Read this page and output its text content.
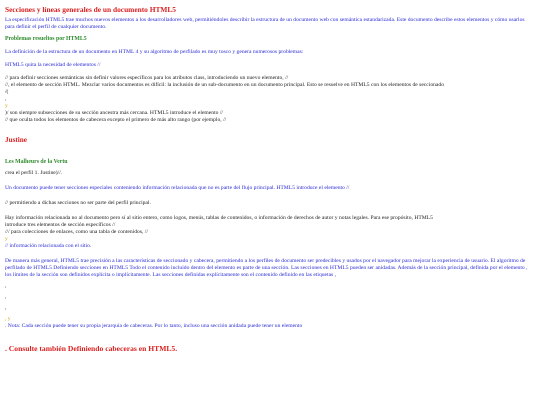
Secciones y líneas generales de un documento HTML5

La especificación HTML5 trae muchos nuevos elementos a los desarrolladores web, permitiéndoles describir la estructura de un documento web con semántica estandarizada. Este documento describe estos elementos y cómo usarlos para definir el perfil de cualquier documento.

Problemas resueltos por HTML5

La definición de la estructura de un documento en HTML 4 y su algoritmo de perfilado es muy tosco y genera numerosos problemas:

HTML5 quita la necesidad de elementos //

// para definir secciones semánticas sin definir valores específicos para los atributos class, introduciendo un nuevo elemento, //

//, el elemento de sección HTML. Mezclar varios documentos es difícil: la inclusión de un sub-documento en un documento principal. Esto se resuelve en HTML5 con los elementos de seccionado

/(

,

y

)/ son siempre subsecciones de su sección ancestra más cercana. HTML5 introduce el elemento //

// que oculta todos los elementos de cabecera excepto el primero de más alto rango (por ejemplo, //

Justine
Les Malheurs de la Vertu

crea el perfil 1. Justine)//.

Un documento puede tener secciones especiales conteniendo información relacionada que no es parte del flujo principal. HTML5 introduce el elemento //

// permitiendo a dichas secciones no ser parte del perfil principal.

Hay información relacionada no al documento pero sí al sitio entero, como logos, menús, tablas de contenidos, o información de derechos de autor y notas legales. Para ese propósito, HTML5

introduce tres elementos de sección específicos //

/// para colecciones de enlaces, como una tabla de contenidos, //

y

// información relacionada con el sitio.

De manera más general, HTML5 trae precisión a las características de seccionado y cabecera, permitiendo a los perfiles de documento ser predecibles y usados por el navegador para mejorar la experiencia de usuario. El algoritmo de perfilado de HTML5 Definiendo secciones en HTML5 Todo el contenido incluido dentro del elemento es parte de una sección. Las secciones en HTML5 pueden ser anidadas. Además de la sección principal, definida por el elemento , los límites de la sección son definidos explícita o implícitamente. Las secciones definidas explícitamente son el contenido definido en las etiquetas ,

,

,

,

, y

. Nota: Cada sección puede tener su propia jerarquía de cabeceras. Por lo tanto, incluso una sección anidada puede tener un elemento

. Consulte también Definiendo cabeceras en HTML5.
